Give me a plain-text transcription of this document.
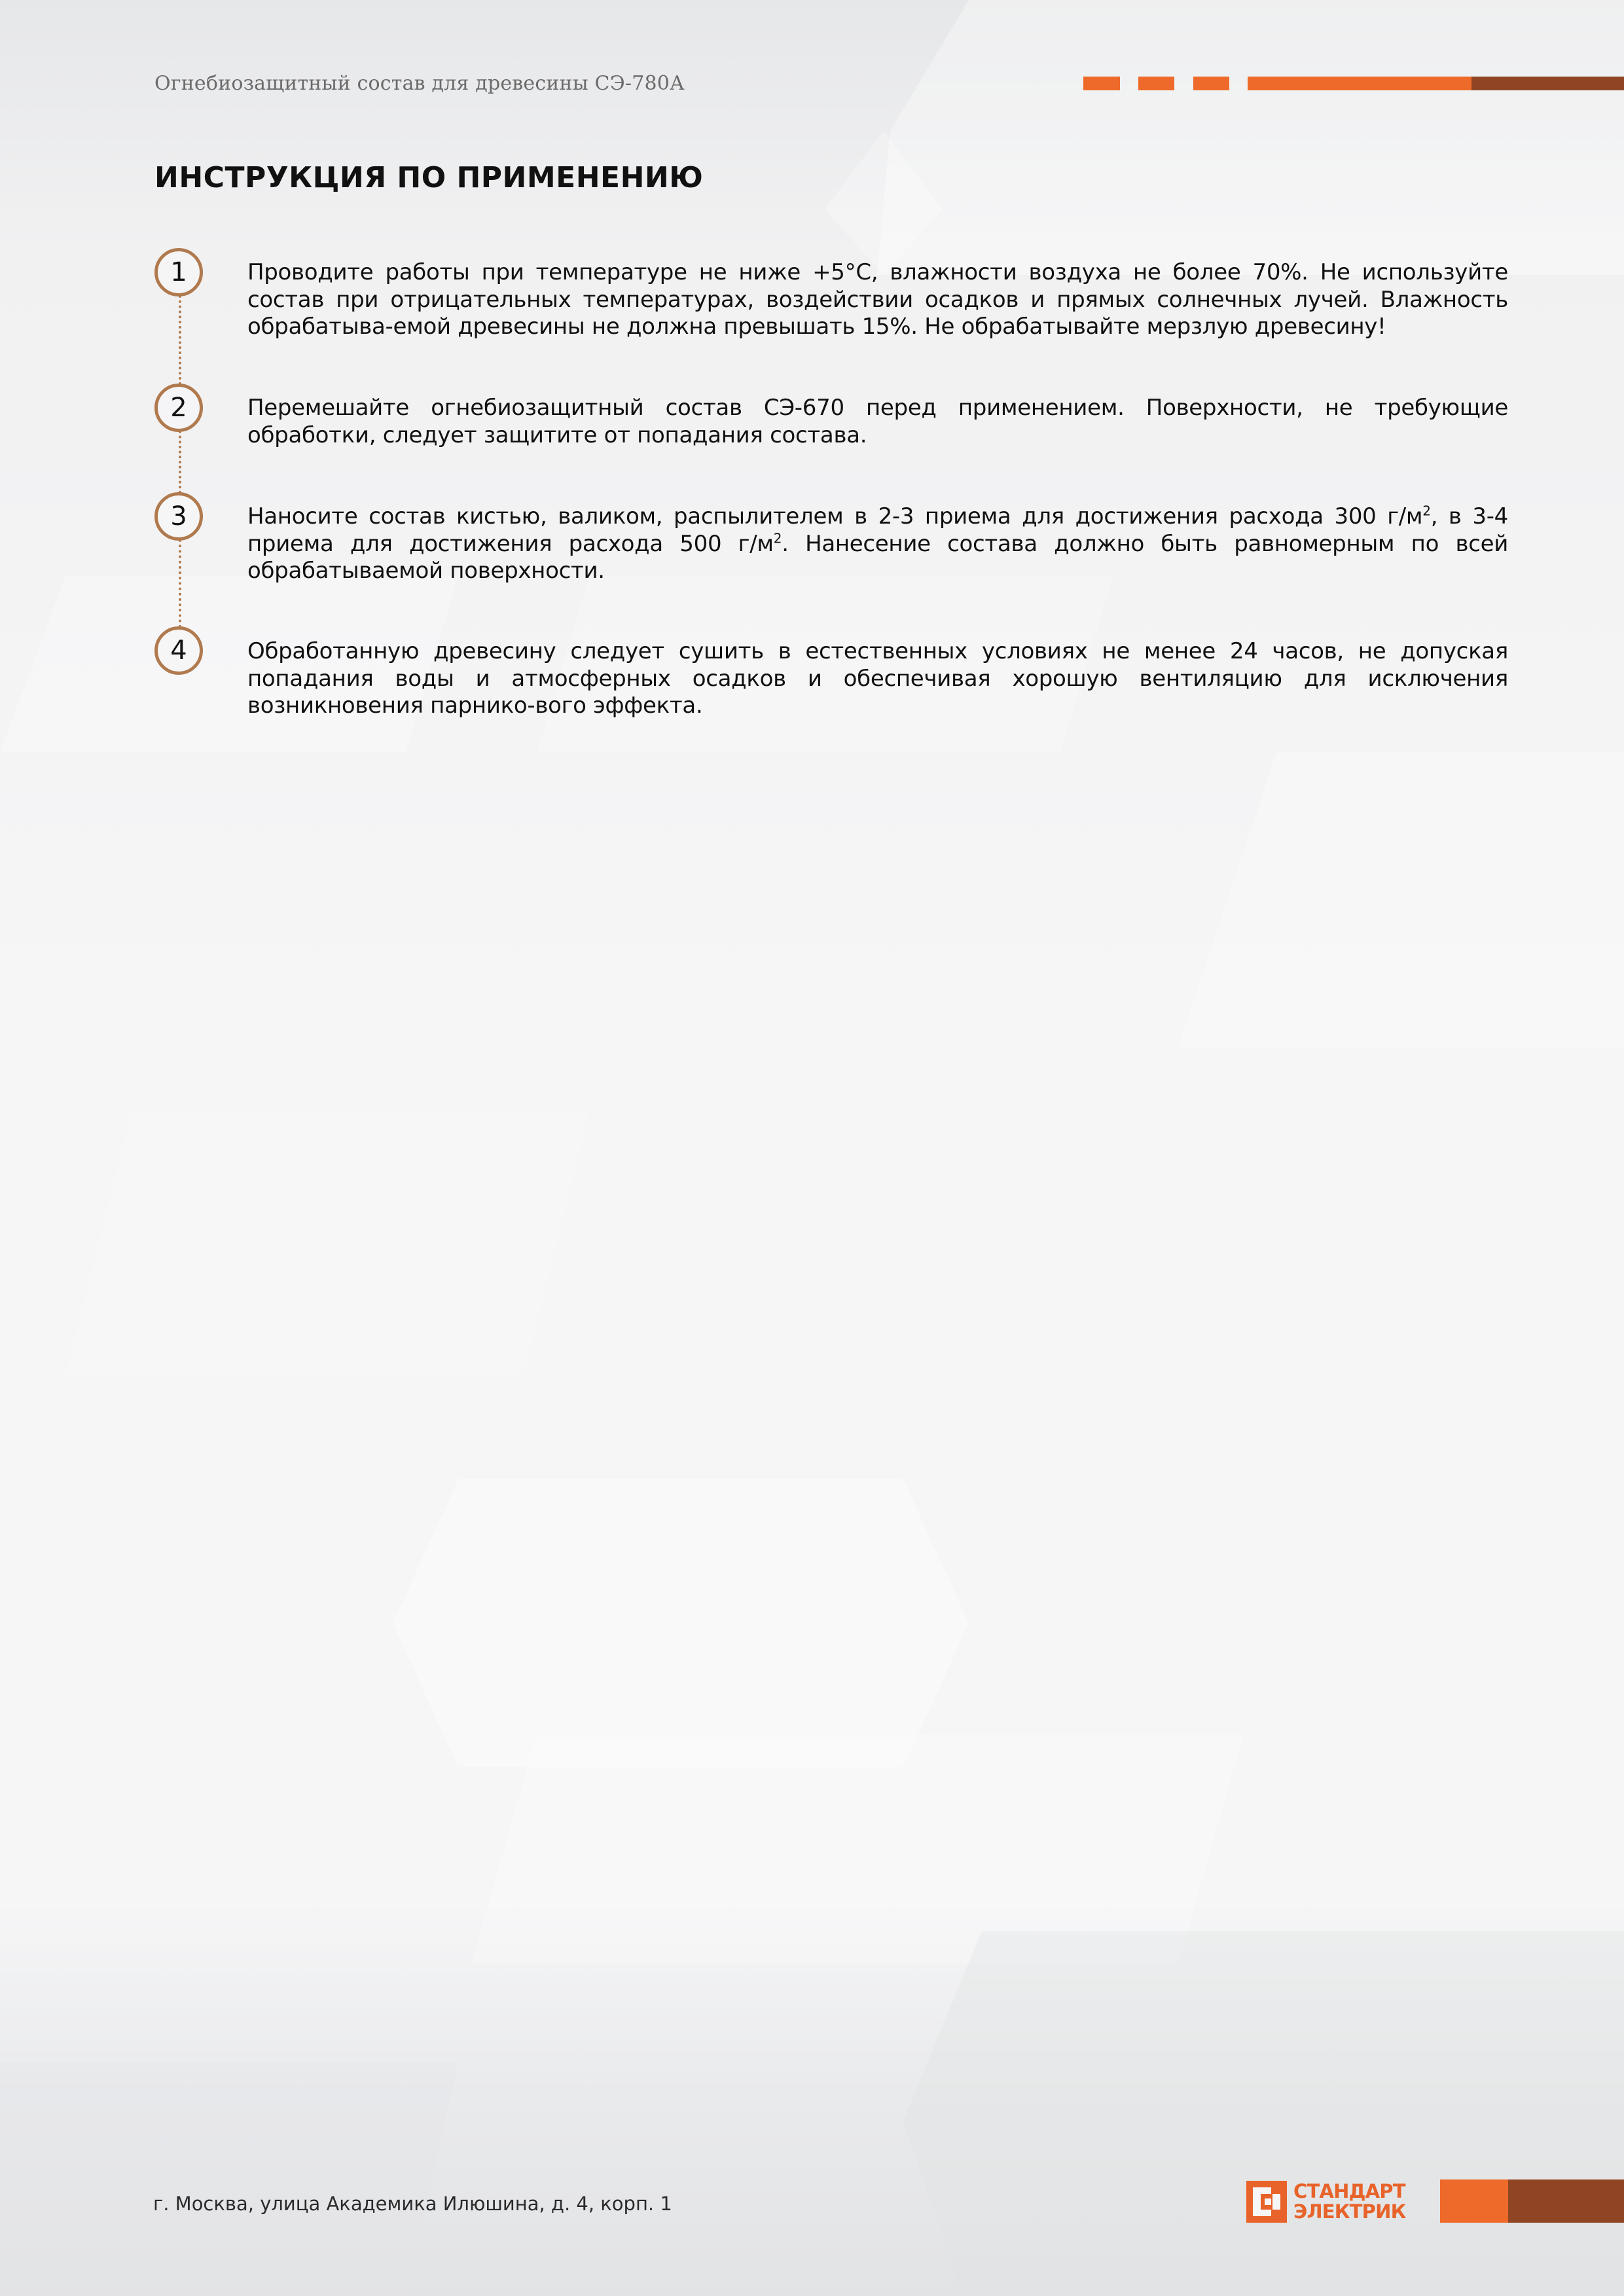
Огнебиозащитный состав для древесины СЭ-780А
ИНСТРУКЦИЯ ПО ПРИМЕНЕНИЮ
1	Проводите работы при температуре не ниже +5°С, влажности воздуха не более 70%. Не используйте состав при отрицательных температурах, воздействии осадков и прямых солнечных лучей. Влажность обрабатыва-емой древесины не должна превышать 15%. Не обрабатывайте мерзлую древесину!

2	Перемешайте огнебиозащитный состав СЭ-670 перед применением. Поверхности, не требующие обработки, следует защитите от попадания состава.

3	Наносите состав кистью, валиком, распылителем в 2-3 приема для достижения расхода 300 $г/м^2$, в 3-4 приема для достижения расхода 500 $г/м^2$. Нанесение состава должно быть равномерным по всей обрабатываемой поверхности.

4	Обработанную древесину следует сушить в естественных условиях не менее 24 часов, не допуская попадания воды и атмосферных осадков и обеспечивая хорошую вентиляцию для исключения возникновения парнико-вого эффекта.

г. Москва, улица Академика Илюшина, д. 4, корп. 1
СТАНДАРТ
ЭЛЕКТРИК
